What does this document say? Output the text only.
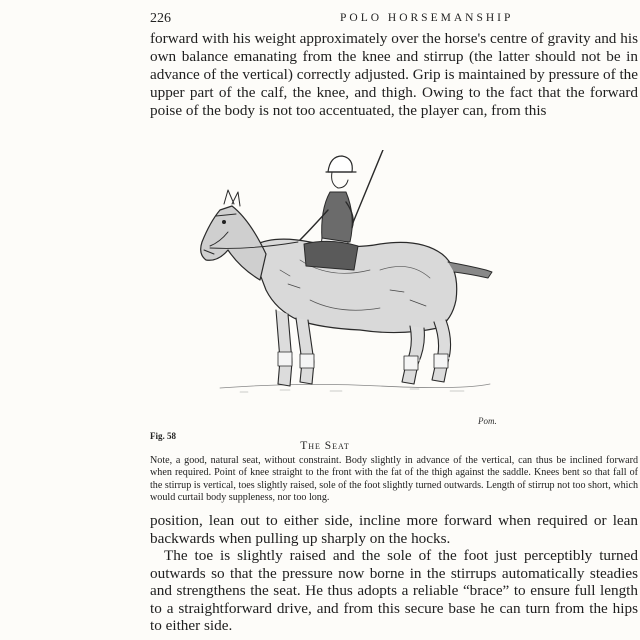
226	POLO HORSEMANSHIP

forward with his weight approximately over the horse's centre of gravity and his own balance emanating from the knee and stirrup (the latter should not be in advance of the vertical) correctly adjusted. Grip is maintained by pressure of the upper part of the calf, the knee, and thigh. Owing to the fact that the forward poise of the body is not too accentuated, the player can, from this

Pom.
Fig. 58
The Seat

Note, a good, natural seat, without constraint. Body slightly in advance of the vertical, can thus be inclined forward when required. Point of knee straight to the front with the fat of the thigh against the saddle. Knees bent so that fall of the stirrup is vertical, toes slightly raised, sole of the foot slightly turned outwards. Length of stirrup not too short, which would curtail body suppleness, nor too long.

position, lean out to either side, incline more forward when required or lean backwards when pulling up sharply on the hocks.

The toe is slightly raised and the sole of the foot just perceptibly turned outwards so that the pressure now borne in the stirrups automatically steadies and strengthens the seat. He thus adopts a reliable “brace” to ensure full length to a straightforward drive, and from this secure base he can turn from the hips to either side.
